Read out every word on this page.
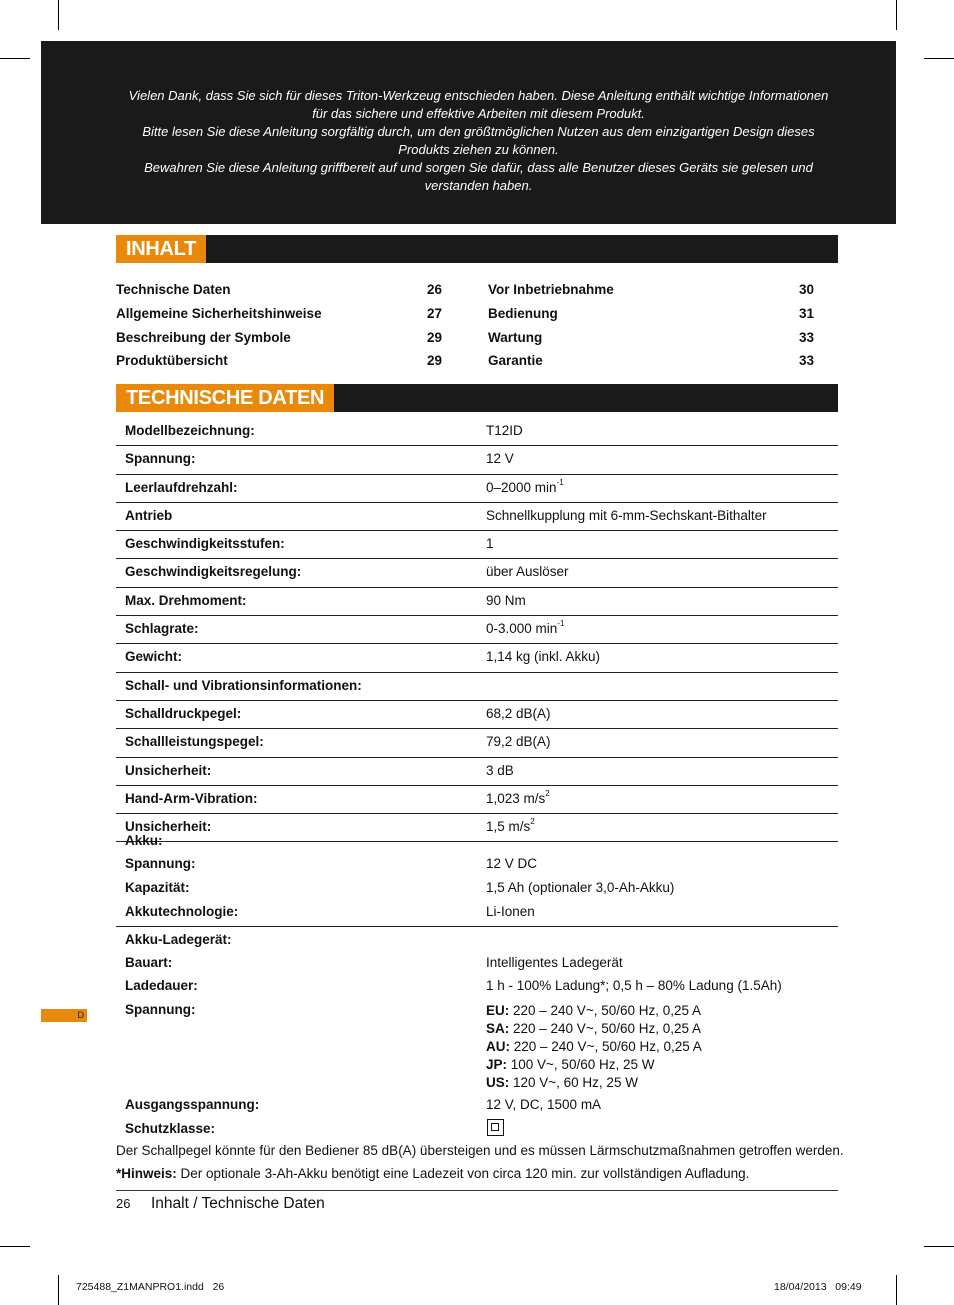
Vielen Dank, dass Sie sich für dieses Triton-Werkzeug entschieden haben. Diese Anleitung enthält wichtige Informationen
für das sichere und effektive Arbeiten mit diesem Produkt.
Bitte lesen Sie diese Anleitung sorgfältig durch, um den größtmöglichen Nutzen aus dem einzigartigen Design dieses
Produkts ziehen zu können.
Bewahren Sie diese Anleitung griffbereit auf und sorgen Sie dafür, dass alle Benutzer dieses Geräts sie gelesen und
verstanden haben.
INHALT
Technische Daten	26
Allgemeine Sicherheitshinweise	27
Beschreibung der Symbole	29
Produktübersicht	29
Vor Inbetriebnahme	30
Bedienung	31
Wartung	33
Garantie	33
TECHNISCHE DATEN
Modellbezeichnung:	T12ID
Spannung:	12 V
Leerlaufdrehzahl:	0–2000 $\min^{-1}$
Antrieb	Schnellkupplung mit 6-mm-Sechskant-Bithalter
Geschwindigkeitsstufen:	1
Geschwindigkeitsregelung:	über Auslöser
Max. Drehmoment:	90 Nm
Schlagrate:	0-3.000 $\min^{-1}$
Gewicht:	1,14 kg (inkl. Akku)
Schall- und Vibrationsinformationen:
Schalldruckpegel:	68,2 dB(A)
Schallleistungspegel:	79,2 dB(A)
Unsicherheit:	3 dB
Hand-Arm-Vibration:	1,023 $m/s^2$
Unsicherheit:	1,5 $m/s^2$
Akku:
Spannung:	12 V DC
Kapazität:	1,5 Ah (optionaler 3,0-Ah-Akku)
Akkutechnologie:	Li-Ionen
Akku-Ladegerät:
Bauart:	Intelligentes Ladegerät
Ladedauer:	1 h - 100% Ladung*; 0,5 h – 80% Ladung (1.5Ah)
Spannung:	EU: 220 – 240 V~, 50/60 Hz, 0,25 A
SA: 220 – 240 V~, 50/60 Hz, 0,25 A
AU: 220 – 240 V~, 50/60 Hz, 0,25 A
JP: 100 V~, 50/60 Hz, 25 W
US: 120 V~, 60 Hz, 25 W
Ausgangsspannung:	12 V, DC, 1500 mA
Schutzklasse:
Der Schallpegel könnte für den Bediener 85 dB(A) übersteigen und es müssen Lärmschutzmaßnahmen getroffen werden.
*Hinweis: Der optionale 3-Ah-Akku benötigt eine Ladezeit von circa 120 min. zur vollständigen Aufladung.
D
26 Inhalt / Technische Daten
725488_Z1MANPRO1.indd   26	18/04/2013   09:49
